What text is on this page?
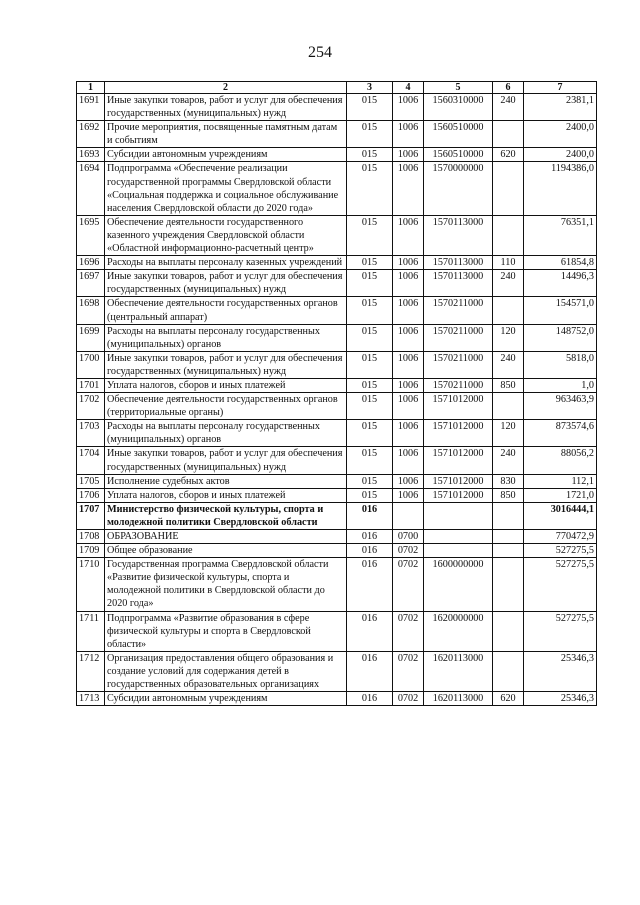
254
1	2	3	4	5	6	7
1691	Иные закупки товаров, работ и услуг для обеспечения государственных (муниципальных) нужд	015	1006	1560310000	240	2381,1
1692	Прочие мероприятия, посвященные памятным датам и событиям	015	1006	1560510000		2400,0
1693	Субсидии автономным учреждениям	015	1006	1560510000	620	2400,0
1694	Подпрограмма «Обеспечение реализации государственной программы Свердловской области «Социальная поддержка и социальное обслуживание населения Свердловской области до 2020 года»	015	1006	1570000000		1194386,0
1695	Обеспечение деятельности государственного казенного учреждения Свердловской области «Областной информационно-расчетный центр»	015	1006	1570113000		76351,1
1696	Расходы на выплаты персоналу казенных учреждений	015	1006	1570113000	110	61854,8
1697	Иные закупки товаров, работ и услуг для обеспечения государственных (муниципальных) нужд	015	1006	1570113000	240	14496,3
1698	Обеспечение деятельности государственных органов (центральный аппарат)	015	1006	1570211000		154571,0
1699	Расходы на выплаты персоналу государственных (муниципальных) органов	015	1006	1570211000	120	148752,0
1700	Иные закупки товаров, работ и услуг для обеспечения государственных (муниципальных) нужд	015	1006	1570211000	240	5818,0
1701	Уплата налогов, сборов и иных платежей	015	1006	1570211000	850	1,0
1702	Обеспечение деятельности государственных органов (территориальные органы)	015	1006	1571012000		963463,9
1703	Расходы на выплаты персоналу государственных (муниципальных) органов	015	1006	1571012000	120	873574,6
1704	Иные закупки товаров, работ и услуг для обеспечения государственных (муниципальных) нужд	015	1006	1571012000	240	88056,2
1705	Исполнение судебных актов	015	1006	1571012000	830	112,1
1706	Уплата налогов, сборов и иных платежей	015	1006	1571012000	850	1721,0
1707	Министерство физической культуры, спорта и молодежной политики Свердловской области	016				3016444,1
1708	ОБРАЗОВАНИЕ	016	0700			770472,9
1709	Общее образование	016	0702			527275,5
1710	Государственная программа Свердловской области «Развитие физической культуры, спорта и молодежной политики в Свердловской области до 2020 года»	016	0702	1600000000		527275,5
1711	Подпрограмма «Развитие образования в сфере физической культуры и спорта в Свердловской области»	016	0702	1620000000		527275,5
1712	Организация предоставления общего образования и создание условий для содержания детей в государственных образовательных организациях	016	0702	1620113000		25346,3
1713	Субсидии автономным учреждениям	016	0702	1620113000	620	25346,3
